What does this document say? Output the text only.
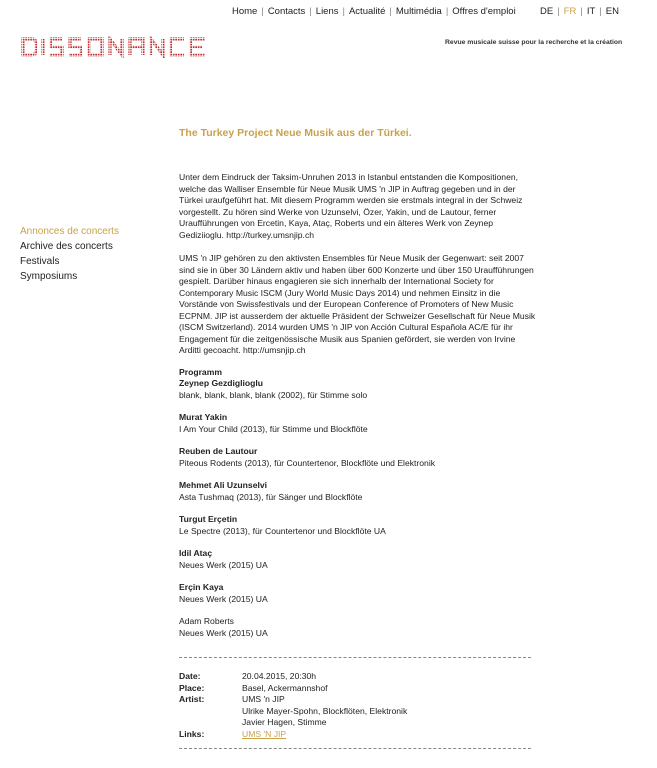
Home | Contacts | Liens | Actualité | Multimédia | Offres d'emploi	DE | FR | IT | EN
Revue musicale suisse pour la recherche et la création
Annonces de concerts
Archive des concerts
Festivals
Symposiums
The Turkey Project Neue Musik aus der Türkei.

Unter dem Eindruck der Taksim-Unruhen 2013 in Istanbul entstanden die Kompositionen, welche das Walliser Ensemble für Neue Musik UMS 'n JIP in Auftrag gegeben und in der Türkei uraufgeführt hat. Mit diesem Programm werden sie erstmals integral in der Schweiz vorgestellt. Zu hören sind Werke von Uzunselvi, Özer, Yakin, und de Lautour, ferner Uraufführungen von Ercetin, Kaya, Ataç, Roberts und ein älteres Werk von Zeynep Gediziioglu. http://turkey.umsnjip.ch

UMS 'n JIP gehören zu den aktivsten Ensembles für Neue Musik der Gegenwart: seit 2007 sind sie in über 30 Ländern aktiv und haben über 600 Konzerte und über 150 Uraufführungen gespielt. Darüber hinaus engagieren sie sich innerhalb der International Society for Contemporary Music ISCM (Jury World Music Days 2014) und nehmen Einsitz in die Vorstände von Swissfestivals und der European Conference of Promoters of New Music ECPNM. JIP ist ausserdem der aktuelle Präsident der Schweizer Gesellschaft für Neue Musik (ISCM Switzerland). 2014 wurden UMS 'n JIP von Acción Cultural Española AC/E für ihr Engagement für die zeitgenössische Musik aus Spanien gefördert, sie werden von Irvine Arditti gecoacht. http://umsnjip.ch

Programm
Zeynep Gezdiglioglu
blank, blank, blank, blank (2002), für Stimme solo
Murat Yakin
I Am Your Child (2013), für Stimme und Blockflöte
Reuben de Lautour
Piteous Rodents (2013), für Countertenor, Blockflöte und Elektronik
Mehmet Ali Uzunselvi
Asta Tushmaq (2013), für Sänger und Blockflöte
Turgut Erçetin
Le Spectre (2013), für Countertenor und Blockflöte UA
Idil Ataç
Neues Werk (2015) UA
Erçin Kaya
Neues Werk (2015) UA
Adam Roberts
Neues Werk (2015) UA
Date:	20.04.2015, 20:30h
Place:	Basel, Ackermannshof
Artist:	UMS 'n JIP
Ulrike Mayer-Spohn, Blockflöten, Elektronik
Javier Hagen, Stimme

Links:	UMS 'N JIP
